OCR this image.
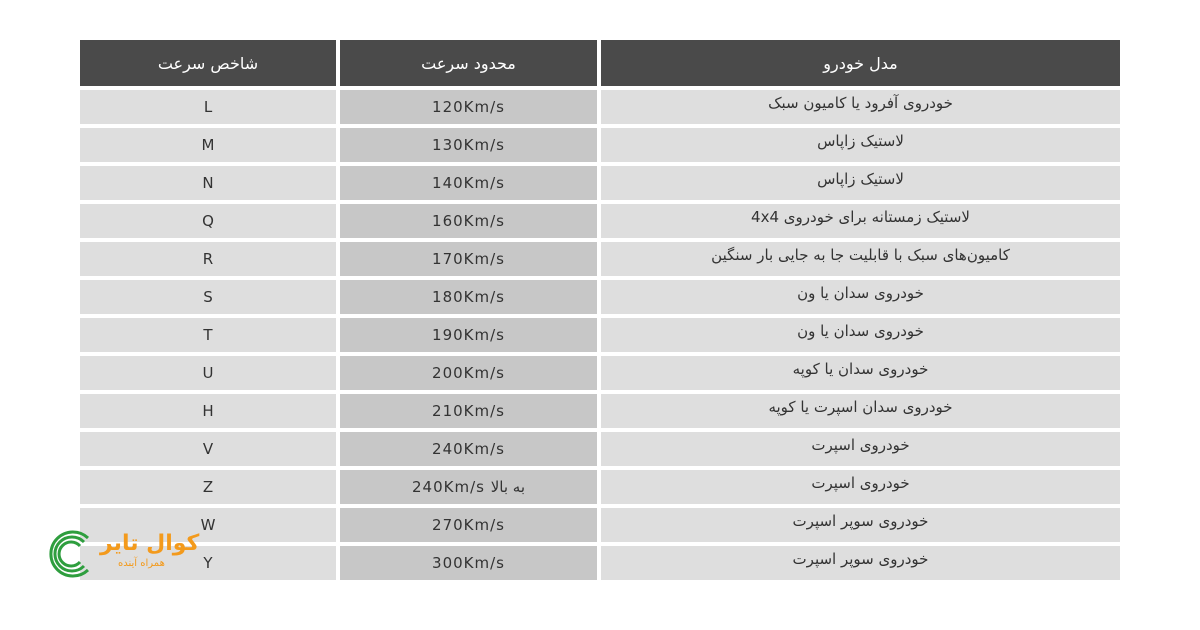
شاخص سرعت	محدود سرعت	مدل خودرو
L	120Km/s	خودروی آفرود یا کامیون سبک
M	130Km/s	لاستیک زاپاس
N	140Km/s	لاستیک زاپاس
Q	160Km/s	لاستیک زمستانه برای خودروی 4x4
R	170Km/s	کامیون‌های سبک با قابلیت جا به جایی بار سنگین
S	180Km/s	خودروی سدان یا ون
T	190Km/s	خودروی سدان یا ون
U	200Km/s	خودروی سدان یا کوپه
H	210Km/s	خودروی سدان اسپرت یا کوپه
V	240Km/s	خودروی اسپرت
Z	240Km/s به بالا	خودروی اسپرت
W	270Km/s	خودروی سوپر اسپرت
Y	300Km/s	خودروی سوپر اسپرت
کوال تایر
همراه آینده
